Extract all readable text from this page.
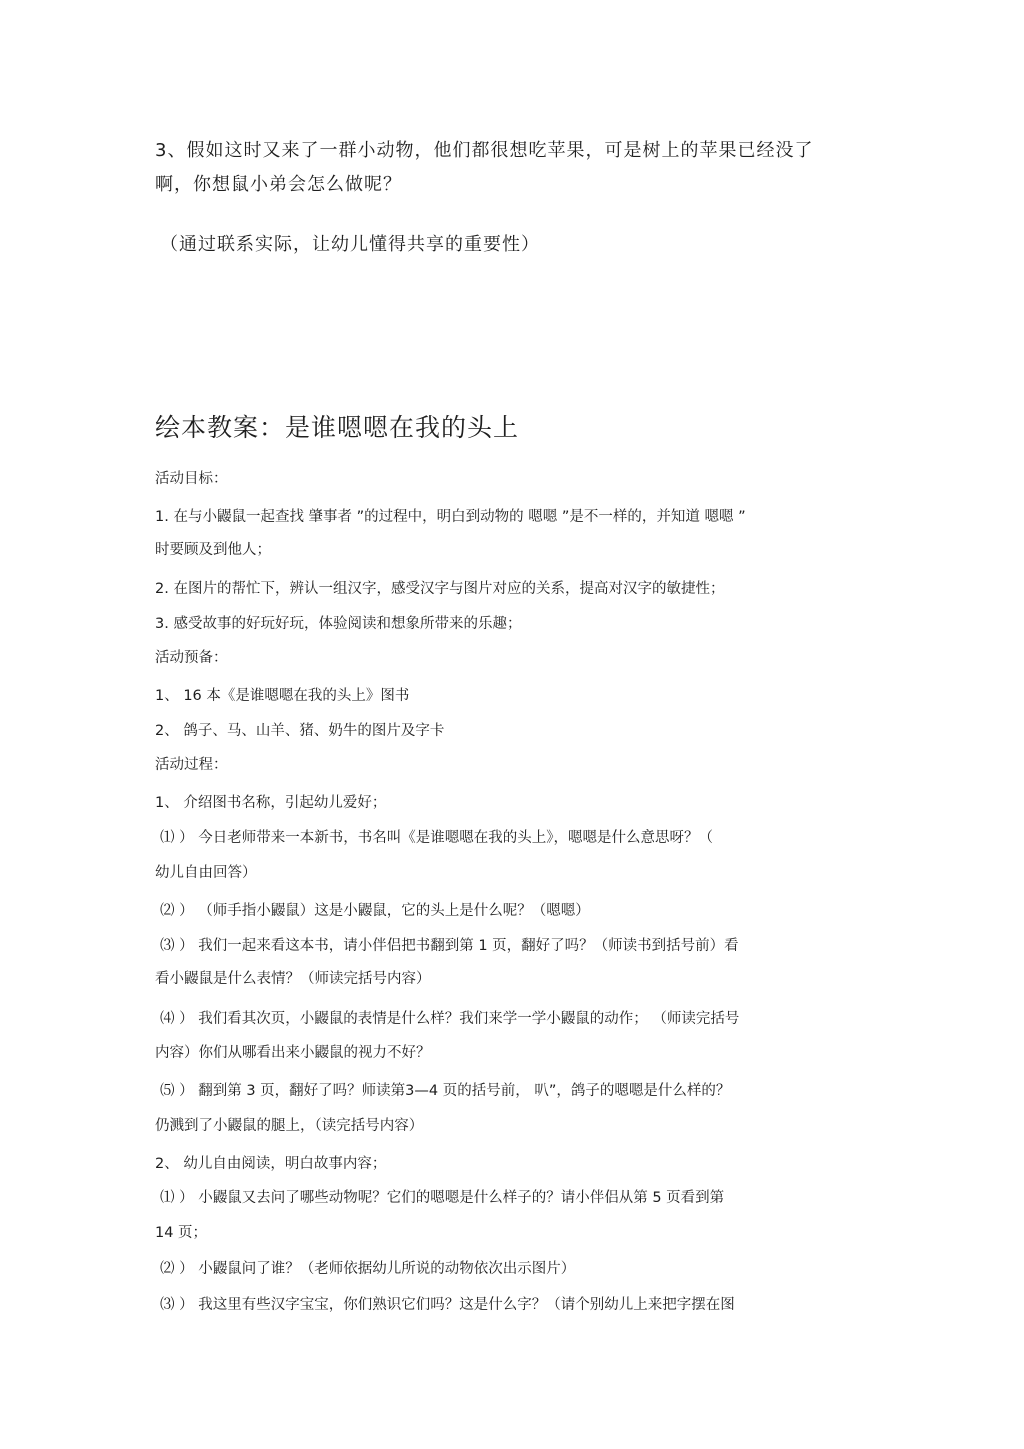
3、假如这时又来了一群小动物，他们都很想吃苹果，可是树上的苹果已经没了
啊，你想鼠小弟会怎么做呢？
（通过联系实际，让幼儿懂得共享的重要性）
绘本教案：是谁嗯嗯在我的头上
活动目标：
1. 在与小鼹鼠一起查找 肇事者 ”的过程中，明白到动物的 嗯嗯 ”是不一样的，并知道 嗯嗯 ”
时要顾及到他人；
2. 在图片的帮忙下，辨认一组汉字，感受汉字与图片对应的关系，提高对汉字的敏捷性；
3. 感受故事的好玩好玩，体验阅读和想象所带来的乐趣；
活动预备：
1、 16 本《是谁嗯嗯在我的头上》图书
2、 鸽子、马、山羊、猪、奶牛的图片及字卡
活动过程：
1、 介绍图书名称，引起幼儿爱好；
⑴ ） 今日老师带来一本新书，书名叫《是谁嗯嗯在我的头上》，嗯嗯是什么意思呀？（
幼儿自由回答）
⑵ ） （师手指小鼹鼠）这是小鼹鼠，它的头上是什么呢？（嗯嗯）
⑶ ） 我们一起来看这本书，请小伴侣把书翻到第 1 页，翻好了吗？（师读书到括号前）看
看小鼹鼠是什么表情？（师读完括号内容）
⑷ ） 我们看其次页，小鼹鼠的表情是什么样？我们来学一学小鼹鼠的动作； （师读完括号
内容）你们从哪看出来小鼹鼠的视力不好？
⑸ ） 翻到第 3 页，翻好了吗？师读第3—4 页的括号前， 叭”，鸽子的嗯嗯是什么样的？
仍溅到了小鼹鼠的腿上，（读完括号内容）
2、 幼儿自由阅读，明白故事内容；
⑴ ） 小鼹鼠又去问了哪些动物呢？它们的嗯嗯是什么样子的？请小伴侣从第 5 页看到第
14 页；
⑵ ） 小鼹鼠问了谁？（老师依据幼儿所说的动物依次出示图片）
⑶ ） 我这里有些汉字宝宝，你们熟识它们吗？这是什么字？（请个别幼儿上来把字摆在图
